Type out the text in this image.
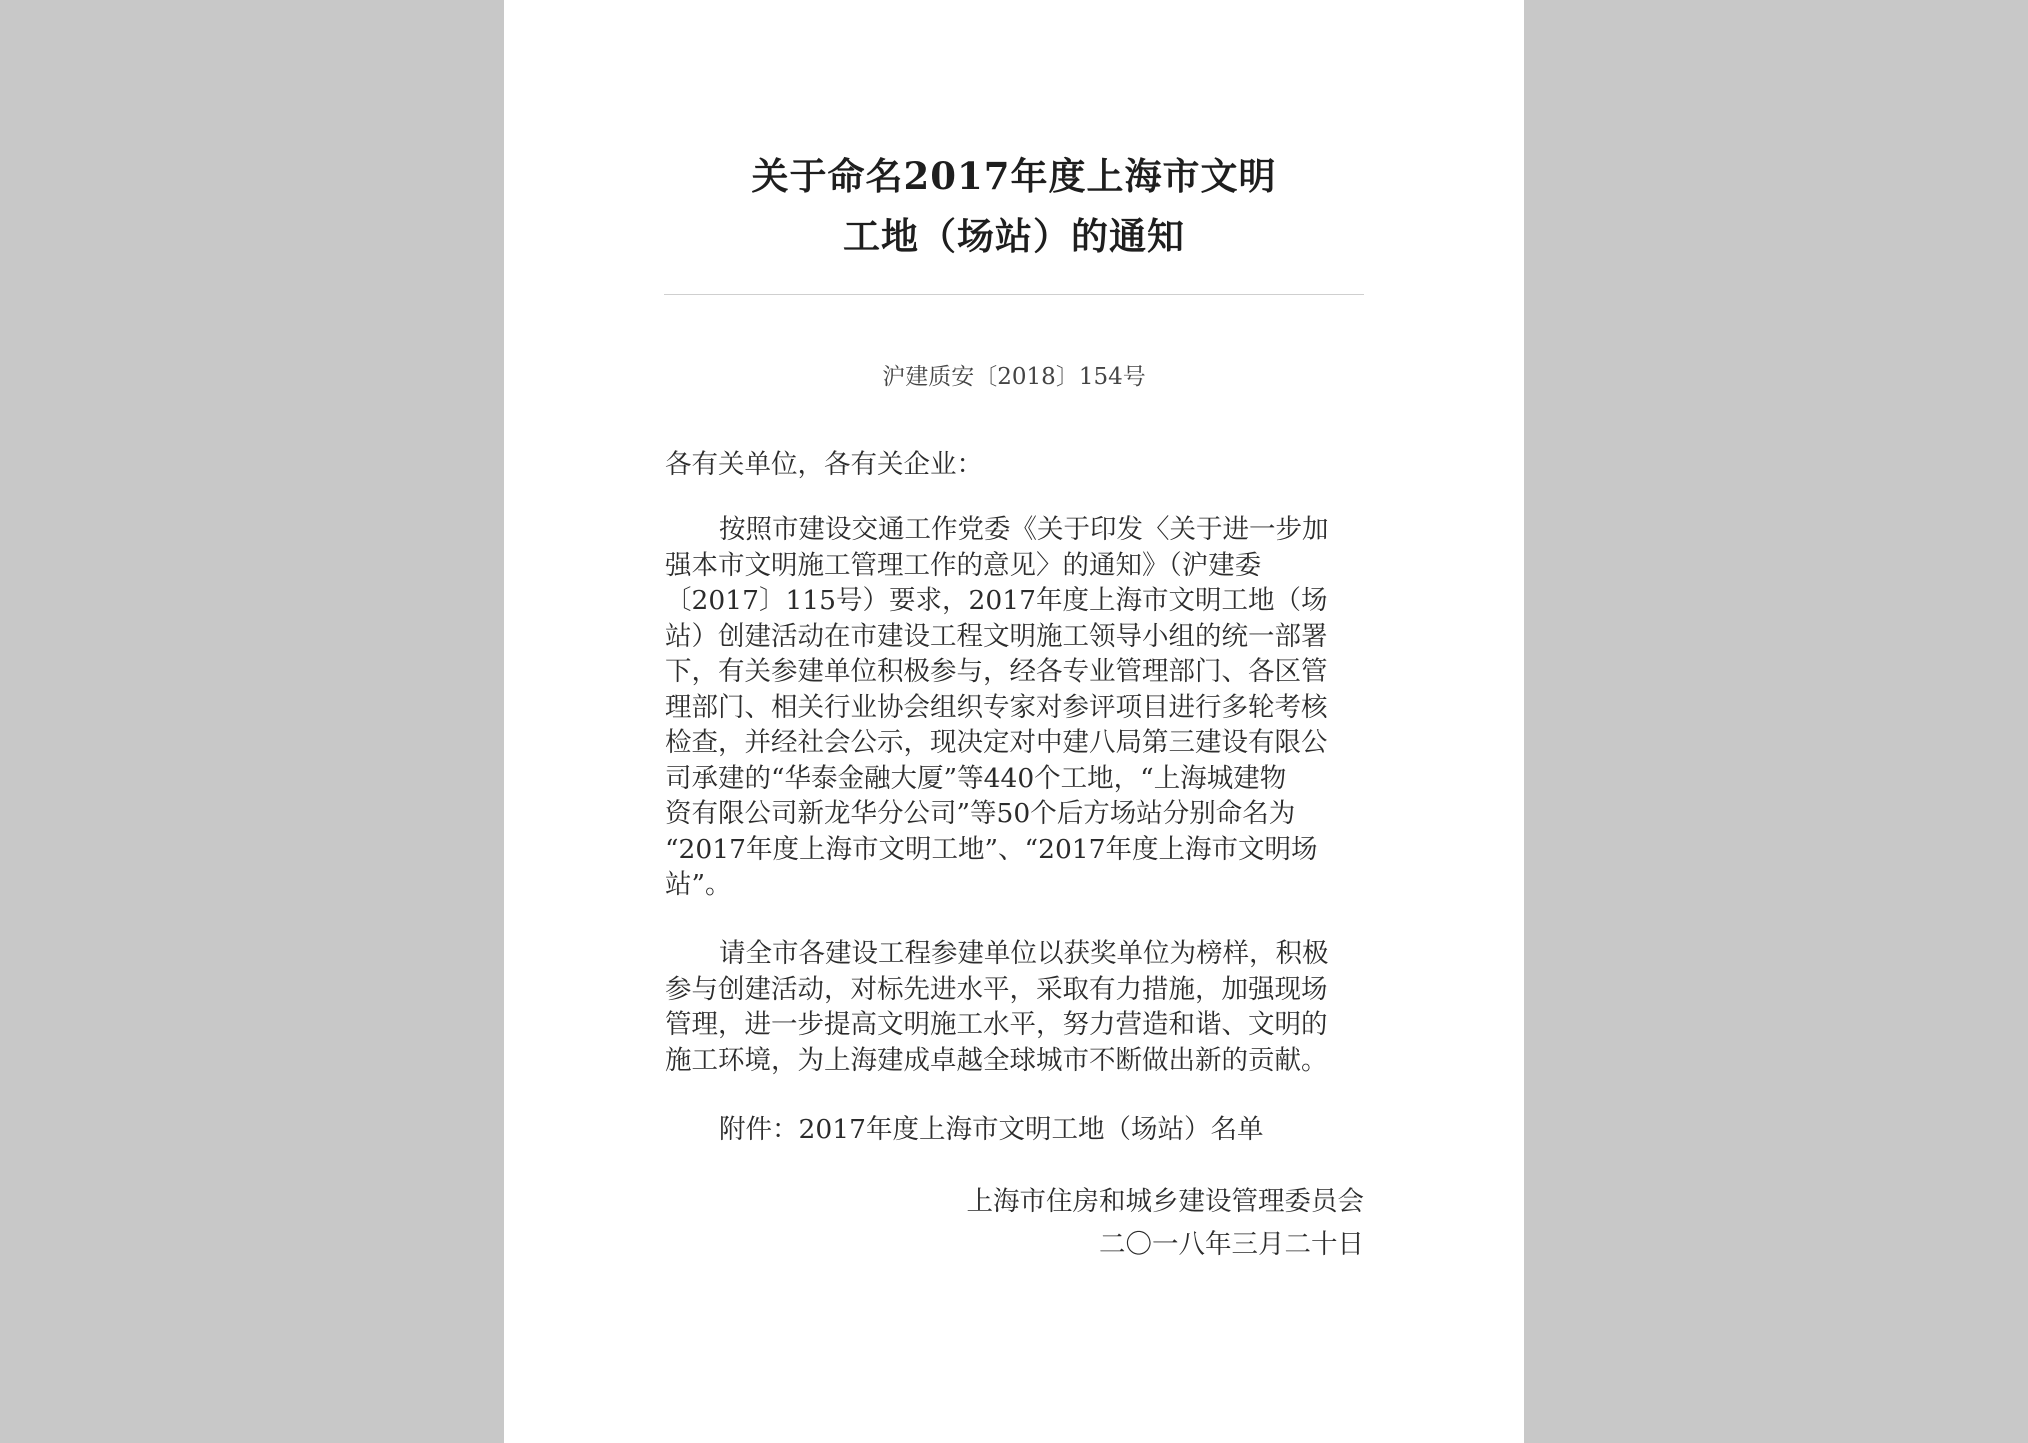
关于命名2017年度上海市文明
工地（场站）的通知
沪建质安〔2018〕154号
各有关单位，各有关企业：
按照市建设交通工作党委《关于印发〈关于进一步加
强本市文明施工管理工作的意见〉的通知》（沪建委
〔2017〕115号）要求，2017年度上海市文明工地（场
站）创建活动在市建设工程文明施工领导小组的统一部署
下，有关参建单位积极参与，经各专业管理部门、各区管
理部门、相关行业协会组织专家对参评项目进行多轮考核
检查，并经社会公示，现决定对中建八局第三建设有限公
司承建的“华泰金融大厦”等440个工地，“上海城建物
资有限公司新龙华分公司”等50个后方场站分别命名为
“2017年度上海市文明工地”、“2017年度上海市文明场
站”。
请全市各建设工程参建单位以获奖单位为榜样，积极
参与创建活动，对标先进水平，采取有力措施，加强现场
管理，进一步提高文明施工水平，努力营造和谐、文明的
施工环境，为上海建成卓越全球城市不断做出新的贡献。
附件：2017年度上海市文明工地（场站）名单
上海市住房和城乡建设管理委员会
二〇一八年三月二十日
